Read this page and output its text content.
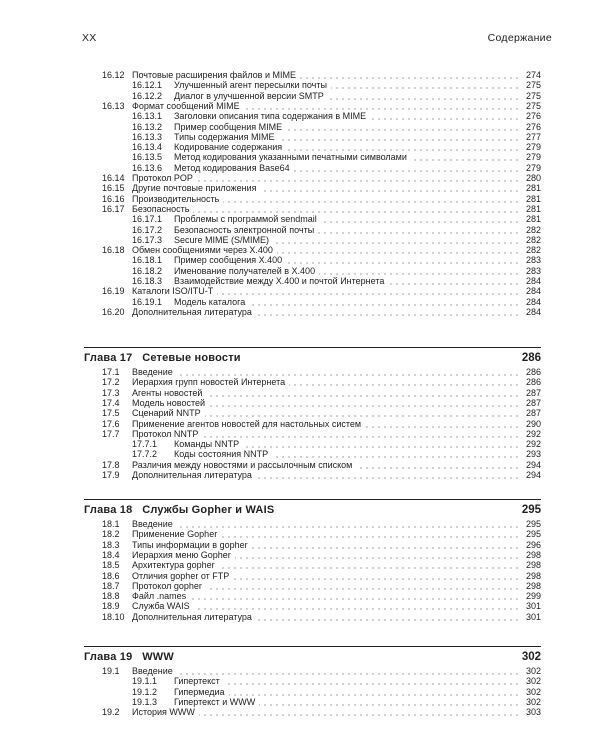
XX	Содержание
16.12 Почтовые расширения файлов и MIME	274
16.12.1 Улучшенный агент пересылки почты	275
16.12.2 Диалог в улучшенной версии SMTP	275
16.13 Формат сообщений MIME	275
16.13.1 Заголовки описания типа содержания в MIME	276
16.13.2 Пример сообщения MIME	276
16.13.3 Типы содержания MIME	277
16.13.4 Кодирование содержания	279
16.13.5 Метод кодирования указанными печатными символами	279
16.13.6 Метод кодирования Base64	279
16.14 Протокол POP	280
16.15 Другие почтовые приложения	281
16.16 Производительность	281
16.17 Безопасность	281
16.17.1 Проблемы с программой sendmail	281
16.17.2 Безопасность электронной почты	282
16.17.3 Secure MIME (S/MIME)	282
16.18 Обмен сообщениями через X.400	282
16.18.1 Пример сообщения X.400	283
16.18.2 Именование получателей в X.400	283
16.18.3 Взаимодействие между X.400 и почтой Интернета	284
16.19 Каталоги ISO/ITU-T	284
16.19.1 Модель каталога	284
16.20 Дополнительная литература	284
Глава 17   Сетевые новости	286
17.1 Введение	286
17.2 Иерархия групп новостей Интернета	286
17.3 Агенты новостей	287
17.4 Модель новостей	287
17.5 Сценарий NNTP	287
17.6 Применение агентов новостей для настольных систем	290
17.7 Протокол NNTP	292
17.7.1 Команды NNTP	292
17.7.2 Коды состояния NNTP	293
17.8 Различия между новостями и рассылочным списком	294
17.9 Дополнительная литература	294
Глава 18   Службы Gopher и WAIS	295
18.1 Введение	295
18.2 Применение Gopher	295
18.3 Типы информации в gopher	296
18.4 Иерархия меню Gopher	298
18.5 Архитектура gopher	298
18.6 Отличия gopher от FTP	298
18.7 Протокол gopher	298
18.8 Файл .names	299
18.9 Служба WAIS	301
18.10 Дополнительная литература	301
Глава 19   WWW	302
19.1 Введение	302
19.1.1 Гипертекст	302
19.1.2 Гипермедиа	302
19.1.3 Гипертекст и WWW	302
19.2 История WWW	303
